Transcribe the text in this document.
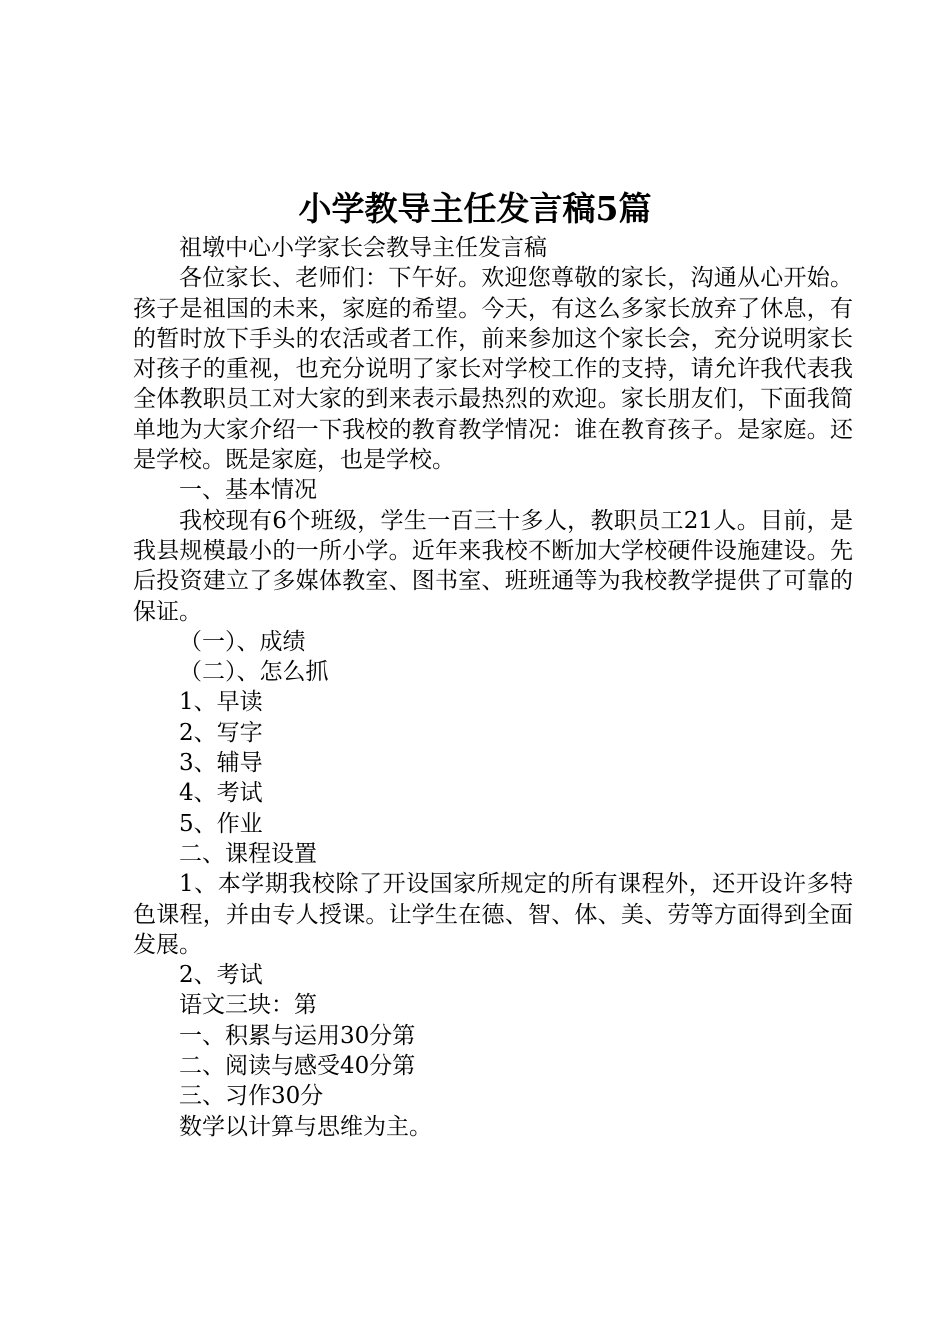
小学教导主任发言稿5篇

祖墩中心小学家长会教导主任发言稿

各位家长、老师们：下午好。欢迎您尊敬的家长，沟通从心开始。孩子是祖国的未来，家庭的希望。今天，有这么多家长放弃了休息，有的暂时放下手头的农活或者工作，前来参加这个家长会，充分说明家长对孩子的重视，也充分说明了家长对学校工作的支持，请允许我代表我全体教职员工对大家的到来表示最热烈的欢迎。家长朋友们，下面我简单地为大家介绍一下我校的教育教学情况：谁在教育孩子。是家庭。还是学校。既是家庭，也是学校。

一、基本情况

我校现有6个班级，学生一百三十多人，教职员工21人。目前，是我县规模最小的一所小学。近年来我校不断加大学校硬件设施建设。先后投资建立了多媒体教室、图书室、班班通等为我校教学提供了可靠的保证。

（一）、成绩

（二）、怎么抓

1、早读

2、写字

3、辅导

4、考试

5、作业

二、课程设置

1、本学期我校除了开设国家所规定的所有课程外，还开设许多特色课程，并由专人授课。让学生在德、智、体、美、劳等方面得到全面发展。

2、考试

语文三块：第

一、积累与运用30分第

二、阅读与感受40分第

三、习作30分

数学以计算与思维为主。
